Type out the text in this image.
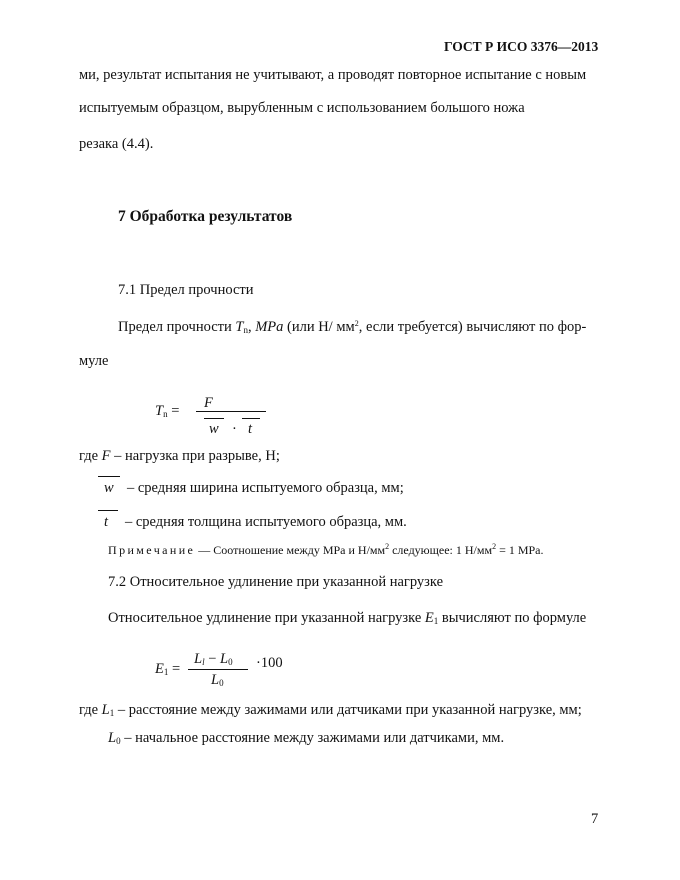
ГОСТ Р ИСО 3376—2013
ми, результат испытания не учитывают, а проводят повторное испытание с новым
испытуемым образцом, вырубленным с использованием большого ножа
резака (4.4).
7 Обработка результатов
7.1 Предел прочности
Предел прочности $T_n$, MPa (или Н/ $мм^2$, если требуется) вычисляют по фор-
муле
$T_n = F$
w · t
где F – нагрузка при разрыве, Н;
w – средняя ширина испытуемого образца, мм;
t – средняя толщина испытуемого образца, мм.
Примечание — Соотношение между MPa и $Н/мм^2$ следующее: 1 $Н/мм^2 = 1$ MPa.
7.2 Относительное удлинение при указанной нагрузке
Относительное удлинение при указанной нагрузке $E_1$ вычисляют по формуле
$E_1$ =
$L_l - L_0$
$L_0$
·100
где $L_1$ – расстояние между зажимами или датчиками при указанной нагрузке, мм;
$L_0$ – начальное расстояние между зажимами или датчиками, мм.
7
